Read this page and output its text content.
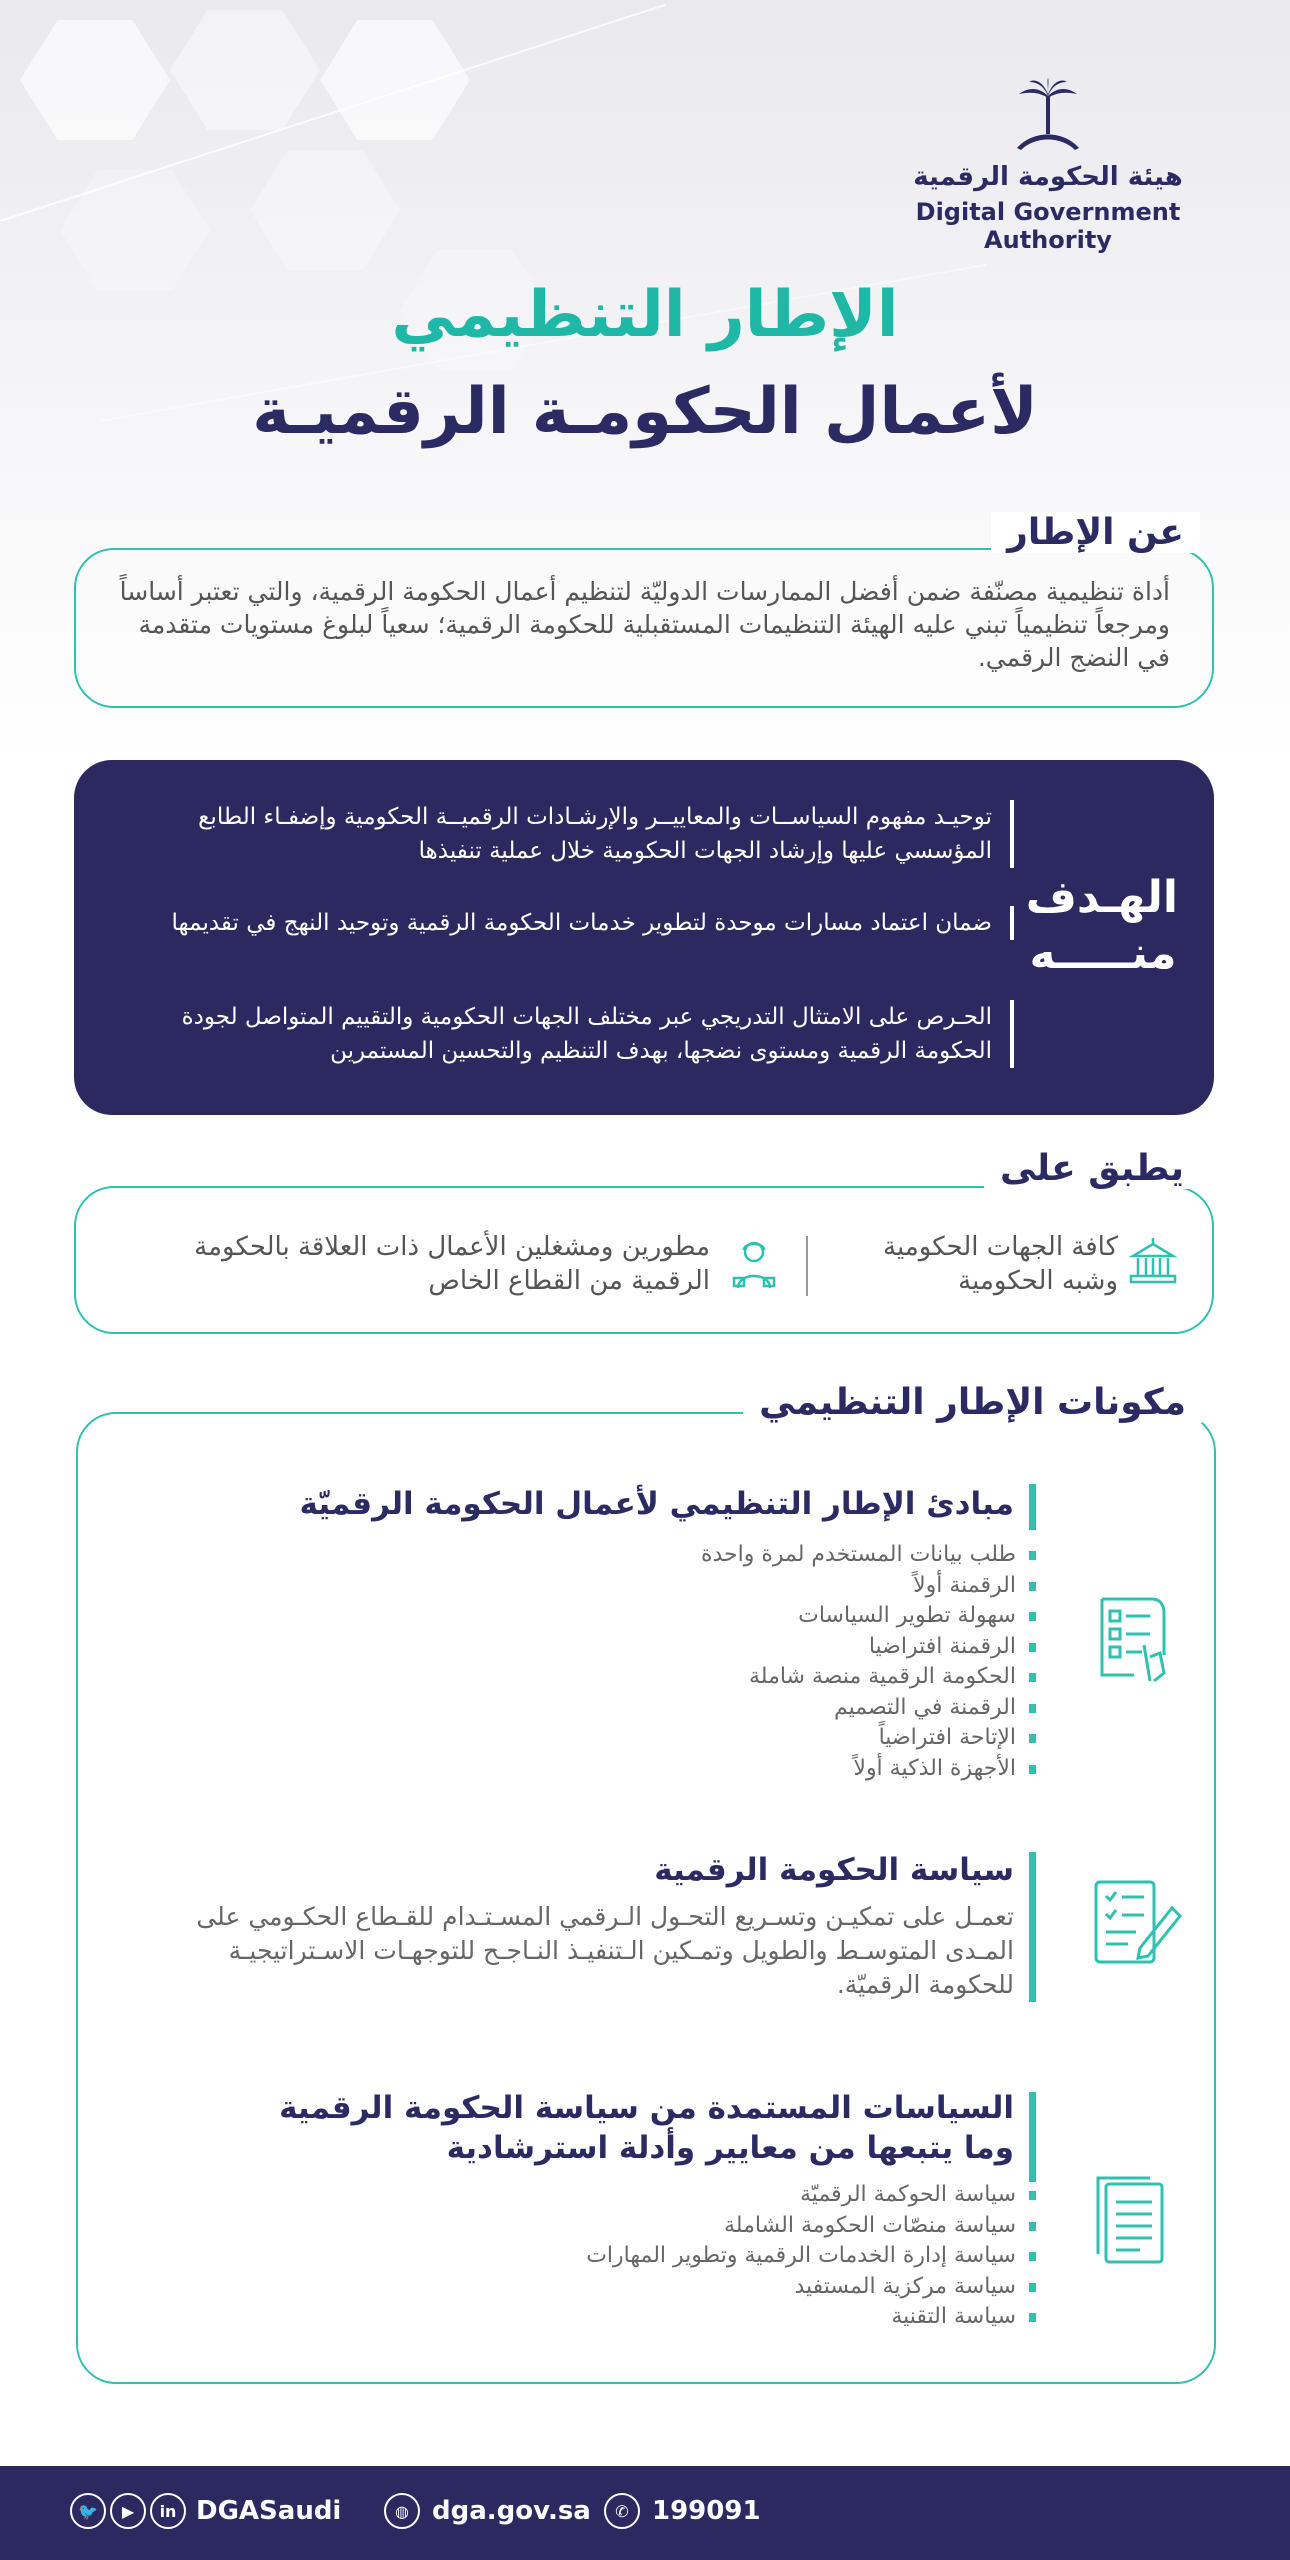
هيئة الحكومة الرقمية
Digital Government Authority
الإطار التنظيمي
لأعمال الحكومـة الرقميـة
عن الإطار
أداة تنظيمية مصنّفة ضمن أفضل الممارسات الدوليّة لتنظيم أعمال الحكومة الرقمية، والتي تعتبر أساساً ومرجعاً تنظيمياً تبني عليه الهيئة التنظيمات المستقبلية للحكومة الرقمية؛ سعياً لبلوغ مستويات متقدمة في النضج الرقمي.
الهـدف منـــــه
توحيـد مفهوم السياســات والمعاييــر والإرشـادات الرقميــة الحكومية وإضفـاء الطابع المؤسسي عليها وإرشاد الجهات الحكومية خلال عملية تنفيذها
ضمان اعتماد مسارات موحدة لتطوير خدمات الحكومة الرقمية وتوحيد النهج في تقديمها
الحـرص على الامتثال التدريجي عبر مختلف الجهات الحكومية والتقييم المتواصل لجودة الحكومة الرقمية ومستوى نضجها، بهدف التنظيم والتحسين المستمرين
يطبق على
كافة الجهات الحكومية وشبه الحكومية
مطورين ومشغلين الأعمال ذات العلاقة بالحكومة الرقمية من القطاع الخاص
مكونات الإطار التنظيمي
مبادئ الإطار التنظيمي لأعمال الحكومة الرقميّة
طلب بيانات المستخدم لمرة واحدة
الرقمنة أولاً
سهولة تطوير السياسات
الرقمنة افتراضيا
الحكومة الرقمية منصة شاملة
الرقمنة في التصميم
الإتاحة افتراضياً
الأجهزة الذكية أولاً
سياسة الحكومة الرقمية
تعمـل على تمكيـن وتسـريع التحـول الـرقمي المسـتـدام للقـطاع الحكـومي على المـدى المتوسـط والطويل وتمـكين الـتنفيـذ النـاجـح للتوجهـات الاسـتراتيجيـة للحكومة الرقميّة.
السياسات المستمدة من سياسة الحكومة الرقمية
وما يتبعها من معايير وأدلة استرشادية
سياسة الحوكمة الرقميّة
سياسة منصّات الحكومة الشاملة
سياسة إدارة الخدمات الرقمية وتطوير المهارات
سياسة مركزية المستفيد
سياسة التقنية
🐦	▶	in DGASaudi	◍ dga.gov.sa	✆ 199091
